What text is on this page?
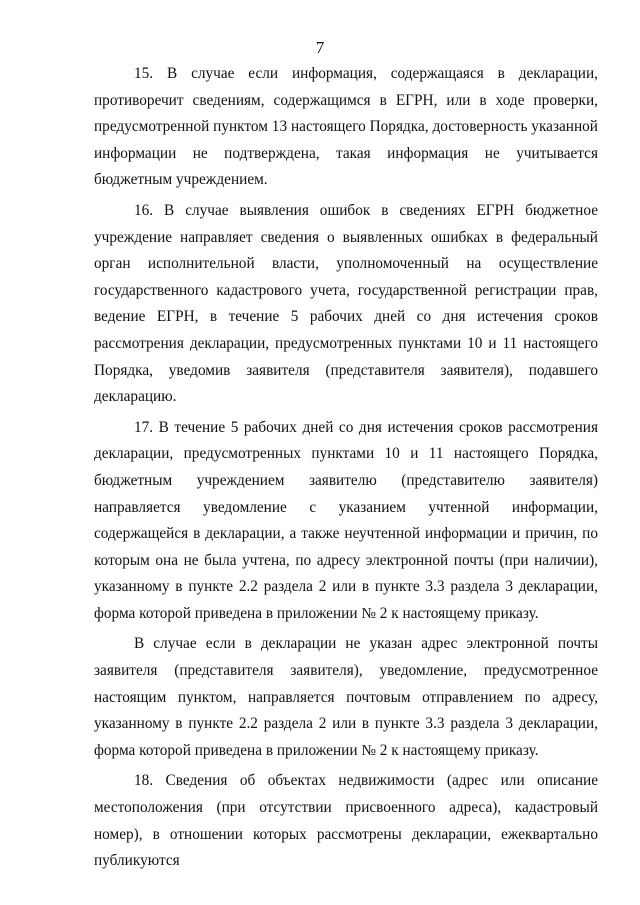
7

15. В случае если информация, содержащаяся в декларации, противоречит сведениям, содержащимся в ЕГРН, или в ходе проверки, предусмотренной пунктом 13 настоящего Порядка, достоверность указанной информации не подтверждена, такая информация не учитывается бюджетным учреждением.

16. В случае выявления ошибок в сведениях ЕГРН бюджетное учреждение направляет сведения о выявленных ошибках в федеральный орган исполнительной власти, уполномоченный на осуществление государственного кадастрового учета, государственной регистрации прав, ведение ЕГРН, в течение 5 рабочих дней со дня истечения сроков рассмотрения декларации, предусмотренных пунктами 10 и 11 настоящего Порядка, уведомив заявителя (представителя заявителя), подавшего декларацию.

17. В течение 5 рабочих дней со дня истечения сроков рассмотрения декларации, предусмотренных пунктами 10 и 11 настоящего Порядка, бюджетным учреждением заявителю (представителю заявителя) направляется уведомление с указанием учтенной информации, содержащейся в декларации, а также неучтенной информации и причин, по которым она не была учтена, по адресу электронной почты (при наличии), указанному в пункте 2.2 раздела 2 или в пункте 3.3 раздела 3 декларации, форма которой приведена в приложении № 2 к настоящему приказу.

В случае если в декларации не указан адрес электронной почты заявителя (представителя заявителя), уведомление, предусмотренное настоящим пунктом, направляется почтовым отправлением по адресу, указанному в пункте 2.2 раздела 2 или в пункте 3.3 раздела 3 декларации, форма которой приведена в приложении № 2 к настоящему приказу.

18. Сведения об объектах недвижимости (адрес или описание местоположения (при отсутствии присвоенного адреса), кадастровый номер), в отношении которых рассмотрены декларации, ежеквартально публикуются
